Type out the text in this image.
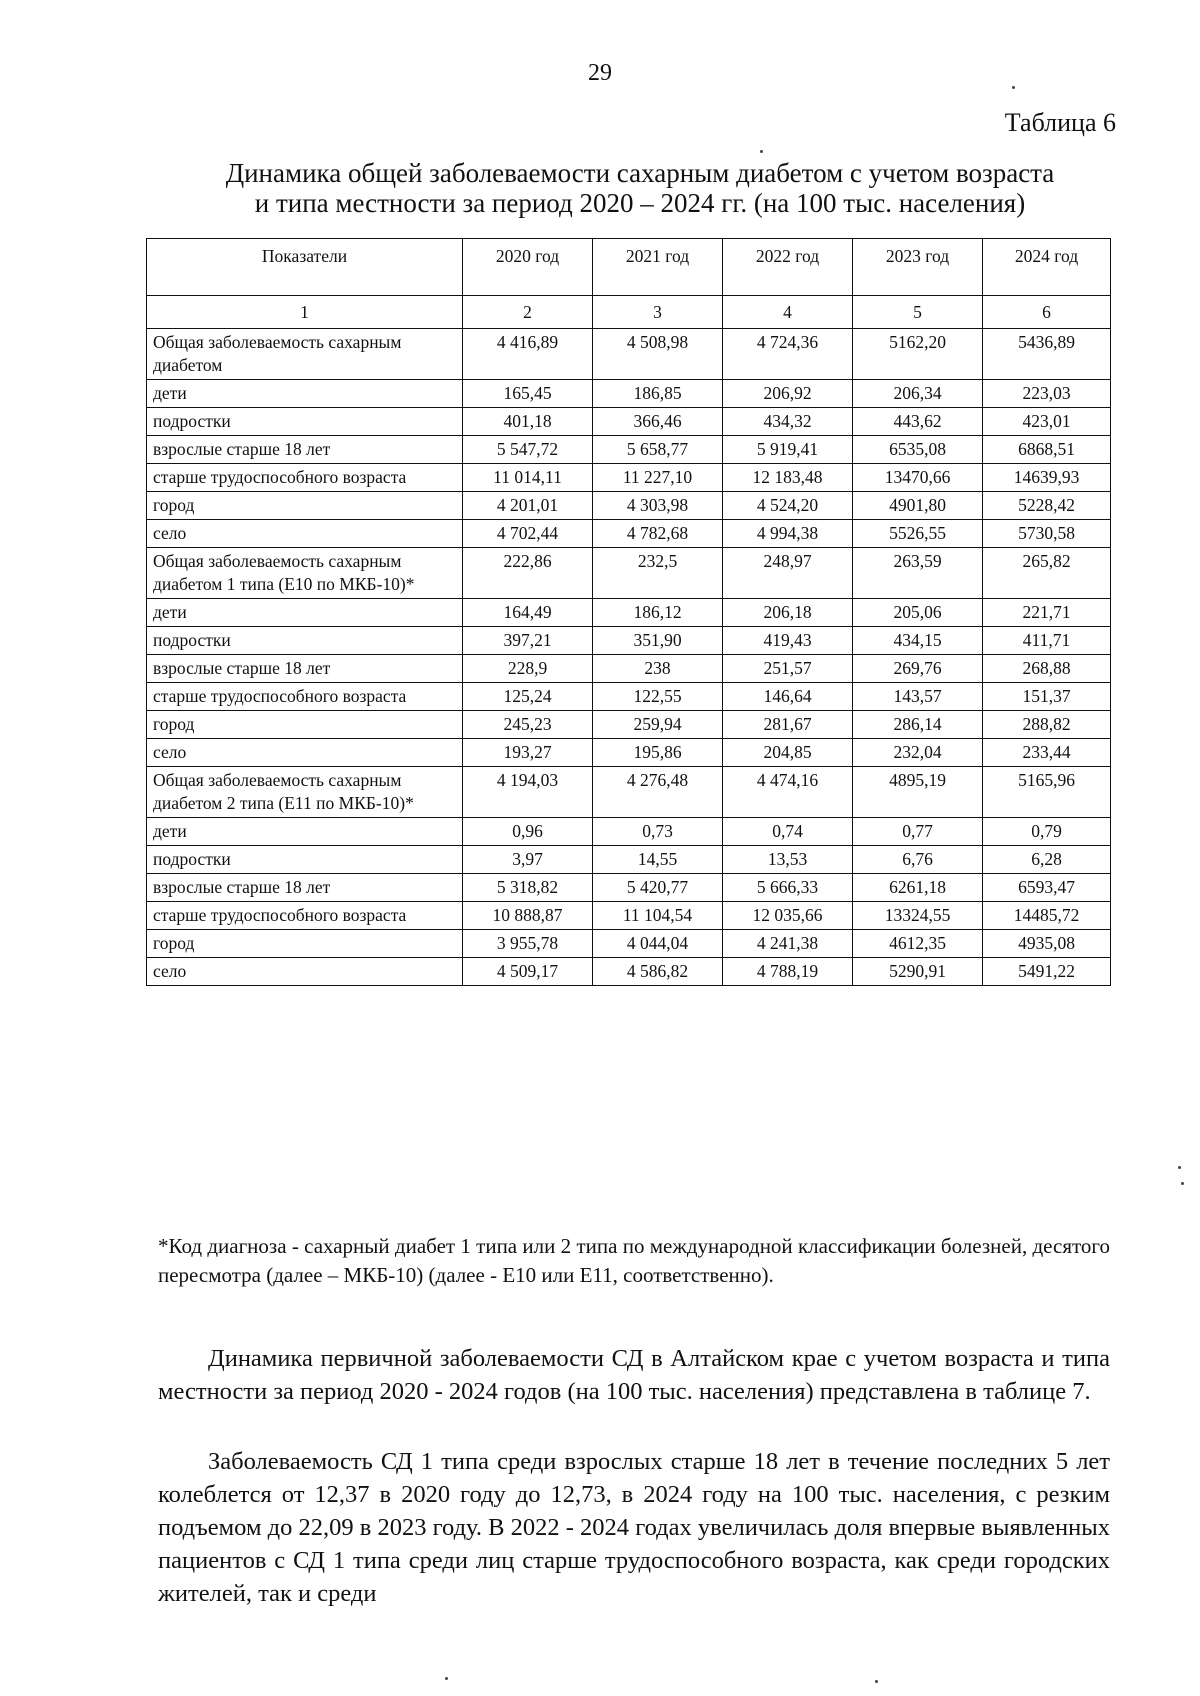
29
Таблица 6
Динамика общей заболеваемости сахарным диабетом с учетом возраста
и типа местности за период 2020 – 2024 гг. (на 100 тыс. населения)
Показатели	2020 год	2021 год	2022 год	2023 год	2024 год
1	2	3	4	5	6
Общая заболеваемость сахарным диабетом	4 416,89	4 508,98	4 724,36	5162,20	5436,89
дети	165,45	186,85	206,92	206,34	223,03
подростки	401,18	366,46	434,32	443,62	423,01
взрослые старше 18 лет	5 547,72	5 658,77	5 919,41	6535,08	6868,51
старше трудоспособного возраста	11 014,11	11 227,10	12 183,48	13470,66	14639,93
город	4 201,01	4 303,98	4 524,20	4901,80	5228,42
село	4 702,44	4 782,68	4 994,38	5526,55	5730,58
Общая заболеваемость сахарным диабетом 1 типа (Е10 по МКБ-10)*	222,86	232,5	248,97	263,59	265,82
дети	164,49	186,12	206,18	205,06	221,71
подростки	397,21	351,90	419,43	434,15	411,71
взрослые старше 18 лет	228,9	238	251,57	269,76	268,88
старше трудоспособного возраста	125,24	122,55	146,64	143,57	151,37
город	245,23	259,94	281,67	286,14	288,82
село	193,27	195,86	204,85	232,04	233,44
Общая заболеваемость сахарным диабетом 2 типа (Е11 по МКБ-10)*	4 194,03	4 276,48	4 474,16	4895,19	5165,96
дети	0,96	0,73	0,74	0,77	0,79
подростки	3,97	14,55	13,53	6,76	6,28
взрослые старше 18 лет	5 318,82	5 420,77	5 666,33	6261,18	6593,47
старше трудоспособного возраста	10 888,87	11 104,54	12 035,66	13324,55	14485,72
город	3 955,78	4 044,04	4 241,38	4612,35	4935,08
село	4 509,17	4 586,82	4 788,19	5290,91	5491,22
*Код диагноза - сахарный диабет 1 типа или 2 типа по международной классификации болезней, десятого пересмотра (далее – МКБ-10) (далее - Е10 или Е11, соответственно).
Динамика первичной заболеваемости СД в Алтайском крае с учетом возраста и типа местности за период 2020 - 2024 годов (на 100 тыс. населения) представлена в таблице 7.
Заболеваемость СД 1 типа среди взрослых старше 18 лет в течение последних 5 лет колеблется от 12,37 в 2020 году до 12,73, в 2024 году на 100 тыс. населения, с резким подъемом до 22,09 в 2023 году. В 2022 - 2024 годах увеличилась доля впервые выявленных пациентов с СД 1 типа среди лиц старше трудоспособного возраста, как среди городских жителей, так и среди
